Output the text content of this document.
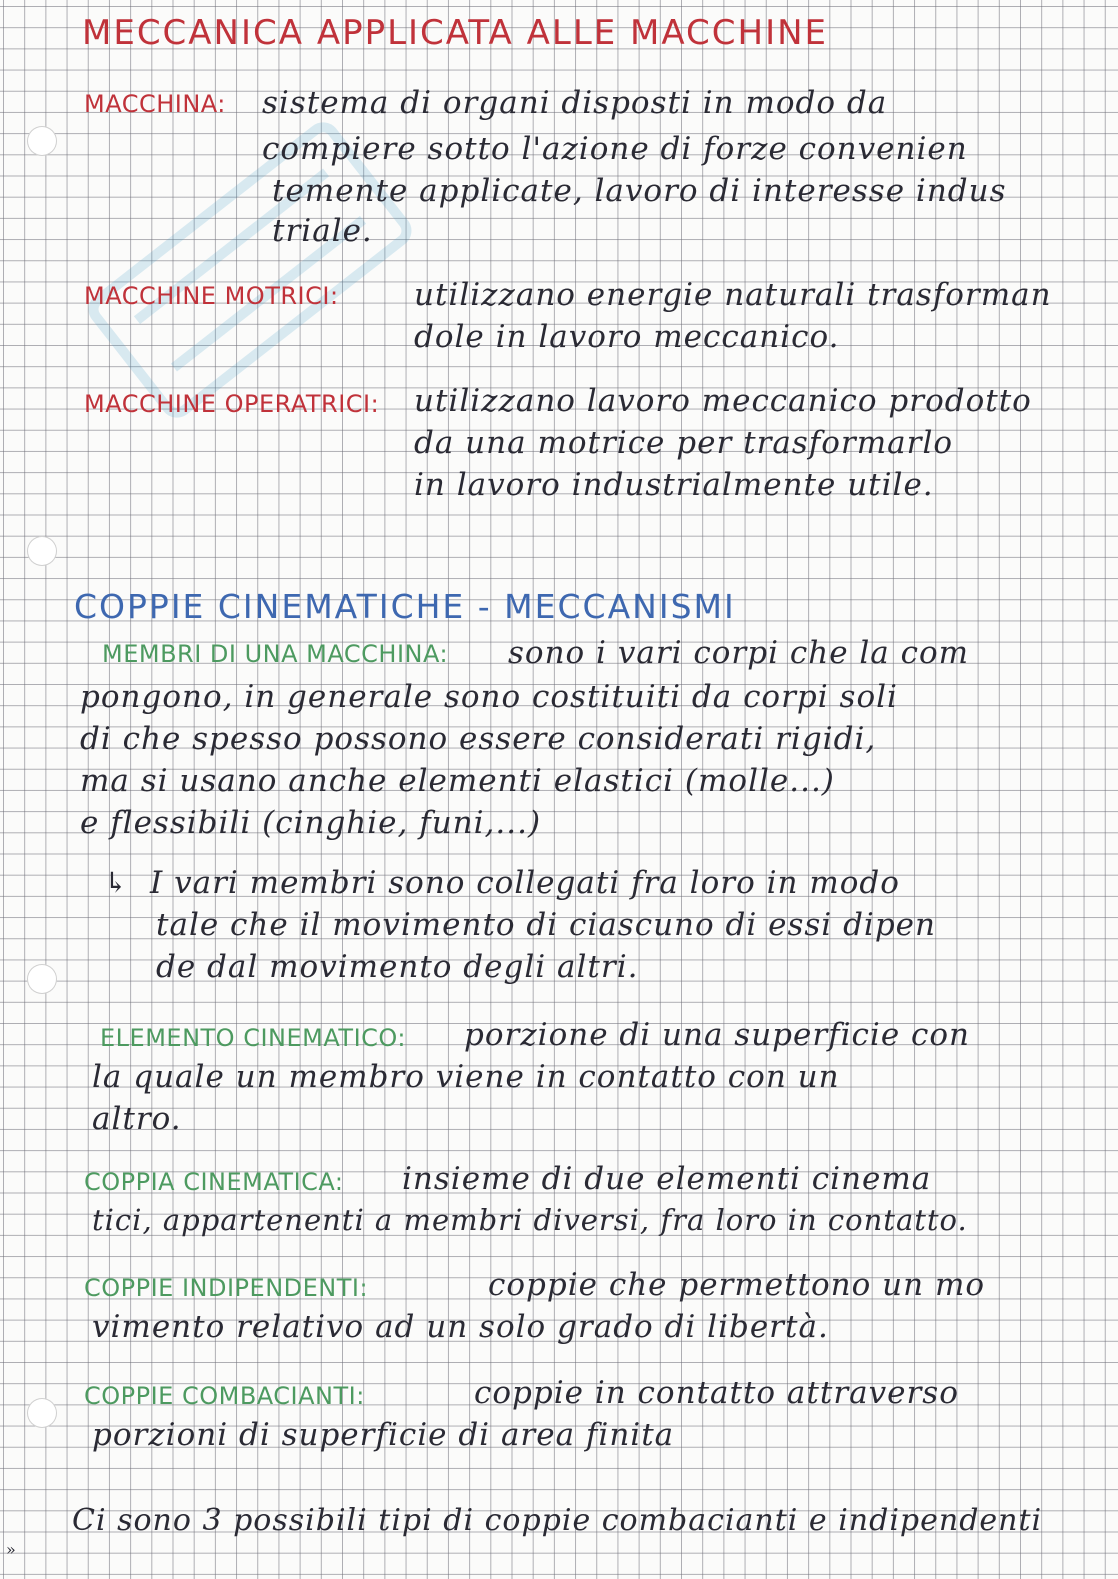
MECCANICA APPLICATA ALLE MACCHINE
MACCHINA: sistema di organi disposti in modo da
compiere sotto l'azione di forze convenien
temente applicate, lavoro di interesse indus
triale.
MACCHINE MOTRICI: utilizzano energie naturali trasforman
dole in lavoro meccanico.
MACCHINE OPERATRICI: utilizzano lavoro meccanico prodotto
da una motrice per trasformarlo
in lavoro industrialmente utile.
COPPIE CINEMATICHE - MECCANISMI
MEMBRI DI UNA MACCHINA: sono i vari corpi che la com
pongono, in generale sono costituiti da corpi soli
di che spesso possono essere considerati rigidi,
ma si usano anche elementi elastici (molle...)
e flessibili (cinghie, funi,...)
↳ I vari membri sono collegati fra loro in modo
tale che il movimento di ciascuno di essi dipen
de dal movimento degli altri.
ELEMENTO CINEMATICO: porzione di una superficie con
la quale un membro viene in contatto con un
altro.
COPPIA CINEMATICA: insieme di due elementi cinema
tici, appartenenti a membri diversi, fra loro in contatto.
COPPIE INDIPENDENTI:	coppie che permettono un mo
vimento relativo ad un solo grado di libertà.
COPPIE COMBACIANTI:	coppie in contatto attraverso
porzioni di superficie di area finita
Ci sono 3 possibili tipi di coppie combacianti e indipendenti
»
